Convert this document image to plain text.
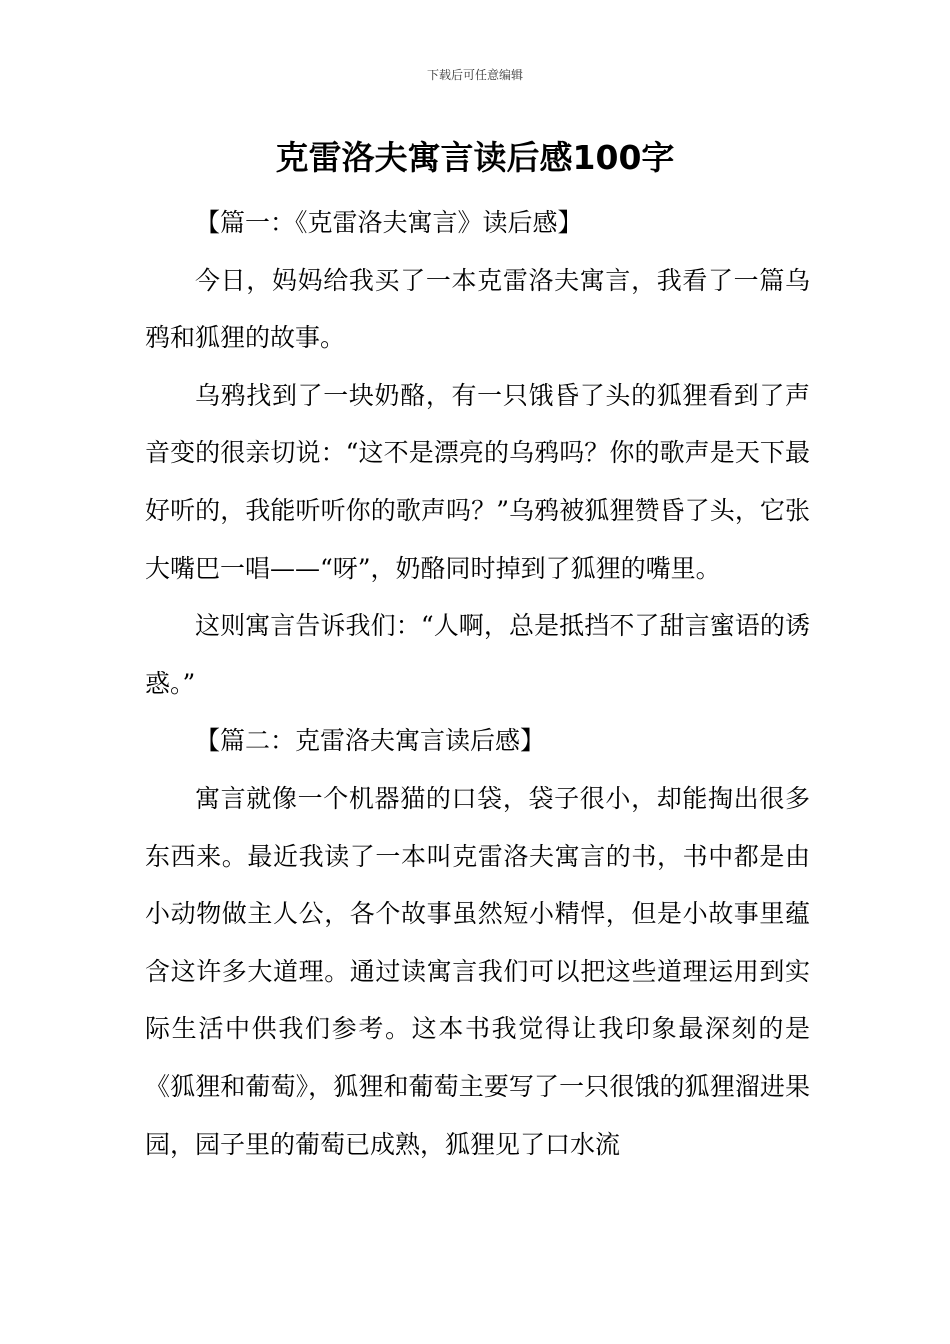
下载后可任意编辑
克雷洛夫寓言读后感100字

【篇一：《克雷洛夫寓言》读后感】

今日，妈妈给我买了一本克雷洛夫寓言，我看了一篇乌鸦和狐狸的故事。

乌鸦找到了一块奶酪，有一只饿昏了头的狐狸看到了声音变的很亲切说：“这不是漂亮的乌鸦吗？你的歌声是天下最好听的，我能听听你的歌声吗？”乌鸦被狐狸赞昏了头，它张大嘴巴一唱——“呀”，奶酪同时掉到了狐狸的嘴里。

这则寓言告诉我们：“人啊，总是抵挡不了甜言蜜语的诱惑。”

【篇二：克雷洛夫寓言读后感】

寓言就像一个机器猫的口袋，袋子很小，却能掏出很多东西来。最近我读了一本叫克雷洛夫寓言的书，书中都是由小动物做主人公，各个故事虽然短小精悍，但是小故事里蕴含这许多大道理。通过读寓言我们可以把这些道理运用到实际生活中供我们参考。这本书我觉得让我印象最深刻的是《狐狸和葡萄》，狐狸和葡萄主要写了一只很饿的狐狸溜进果园，园子里的葡萄已成熟，狐狸见了口水流
